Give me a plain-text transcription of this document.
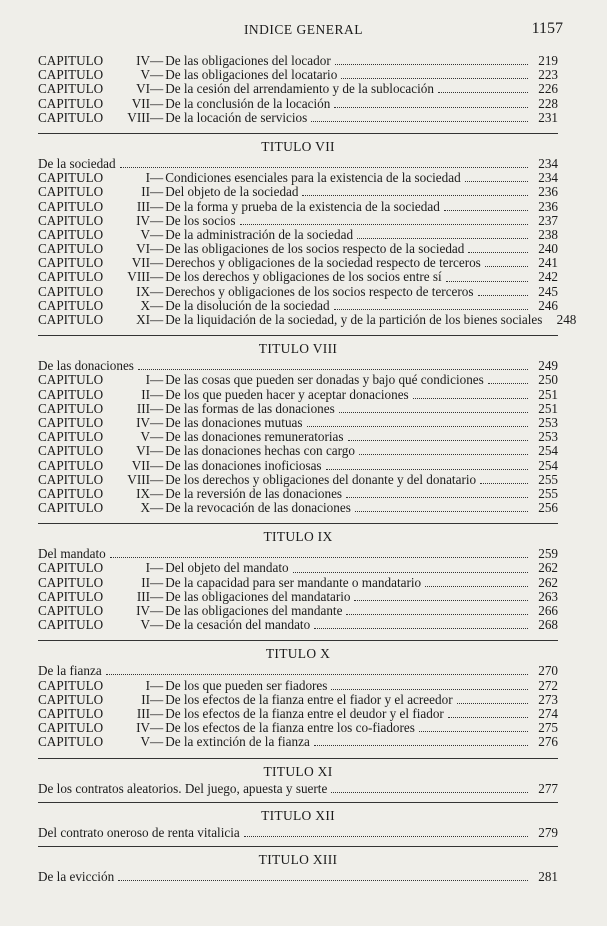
INDICE GENERAL	1157
CAPITULO	IV — De las obligaciones del locador	219
CAPITULO	V — De las obligaciones del locatario	223
CAPITULO	VI — De la cesión del arrendamiento y de la sublocación	226
CAPITULO	VII — De la conclusión de la locación	228
CAPITULO	VIII — De la locación de servicios	231
TITULO VII
De la sociedad	234
CAPITULO	I — Condiciones esenciales para la existencia de la sociedad	234
CAPITULO	II — Del objeto de la sociedad	236
CAPITULO	III — De la forma y prueba de la existencia de la sociedad	236
CAPITULO	IV — De los socios	237
CAPITULO	V — De la administración de la sociedad	238
CAPITULO	VI — De las obligaciones de los socios respecto de la sociedad	240
CAPITULO	VII — Derechos y obligaciones de la sociedad respecto de terceros	241
CAPITULO	VIII — De los derechos y obligaciones de los socios entre sí	242
CAPITULO	IX — Derechos y obligaciones de los socios respecto de terceros	245
CAPITULO	X — De la disolución de la sociedad	246
CAPITULO	XI — De la liquidación de la sociedad, y de la partición de los bienes sociales	248
TITULO VIII
De las donaciones	249
CAPITULO	I — De las cosas que pueden ser donadas y bajo qué condiciones	250
CAPITULO	II — De los que pueden hacer y aceptar donaciones	251
CAPITULO	III — De las formas de las donaciones	251
CAPITULO	IV — De las donaciones mutuas	253
CAPITULO	V — De las donaciones remuneratorias	253
CAPITULO	VI — De las donaciones hechas con cargo	254
CAPITULO	VII — De las donaciones inoficiosas	254
CAPITULO	VIII — De los derechos y obligaciones del donante y del donatario	255
CAPITULO	IX — De la reversión de las donaciones	255
CAPITULO	X — De la revocación de las donaciones	256
TITULO IX
Del mandato	259
CAPITULO	I — Del objeto del mandato	262
CAPITULO	II — De la capacidad para ser mandante o mandatario	262
CAPITULO	III — De las obligaciones del mandatario	263
CAPITULO	IV — De las obligaciones del mandante	266
CAPITULO	V — De la cesación del mandato	268
TITULO X
De la fianza	270
CAPITULO	I — De los que pueden ser fiadores	272
CAPITULO	II — De los efectos de la fianza entre el fiador y el acreedor	273
CAPITULO	III — De los efectos de la fianza entre el deudor y el fiador	274
CAPITULO	IV — De los efectos de la fianza entre los co-fiadores	275
CAPITULO	V — De la extinción de la fianza	276
TITULO XI
De los contratos aleatorios. Del juego, apuesta y suerte	277
TITULO XII
Del contrato oneroso de renta vitalicia	279
TITULO XIII
De la evicción	281
